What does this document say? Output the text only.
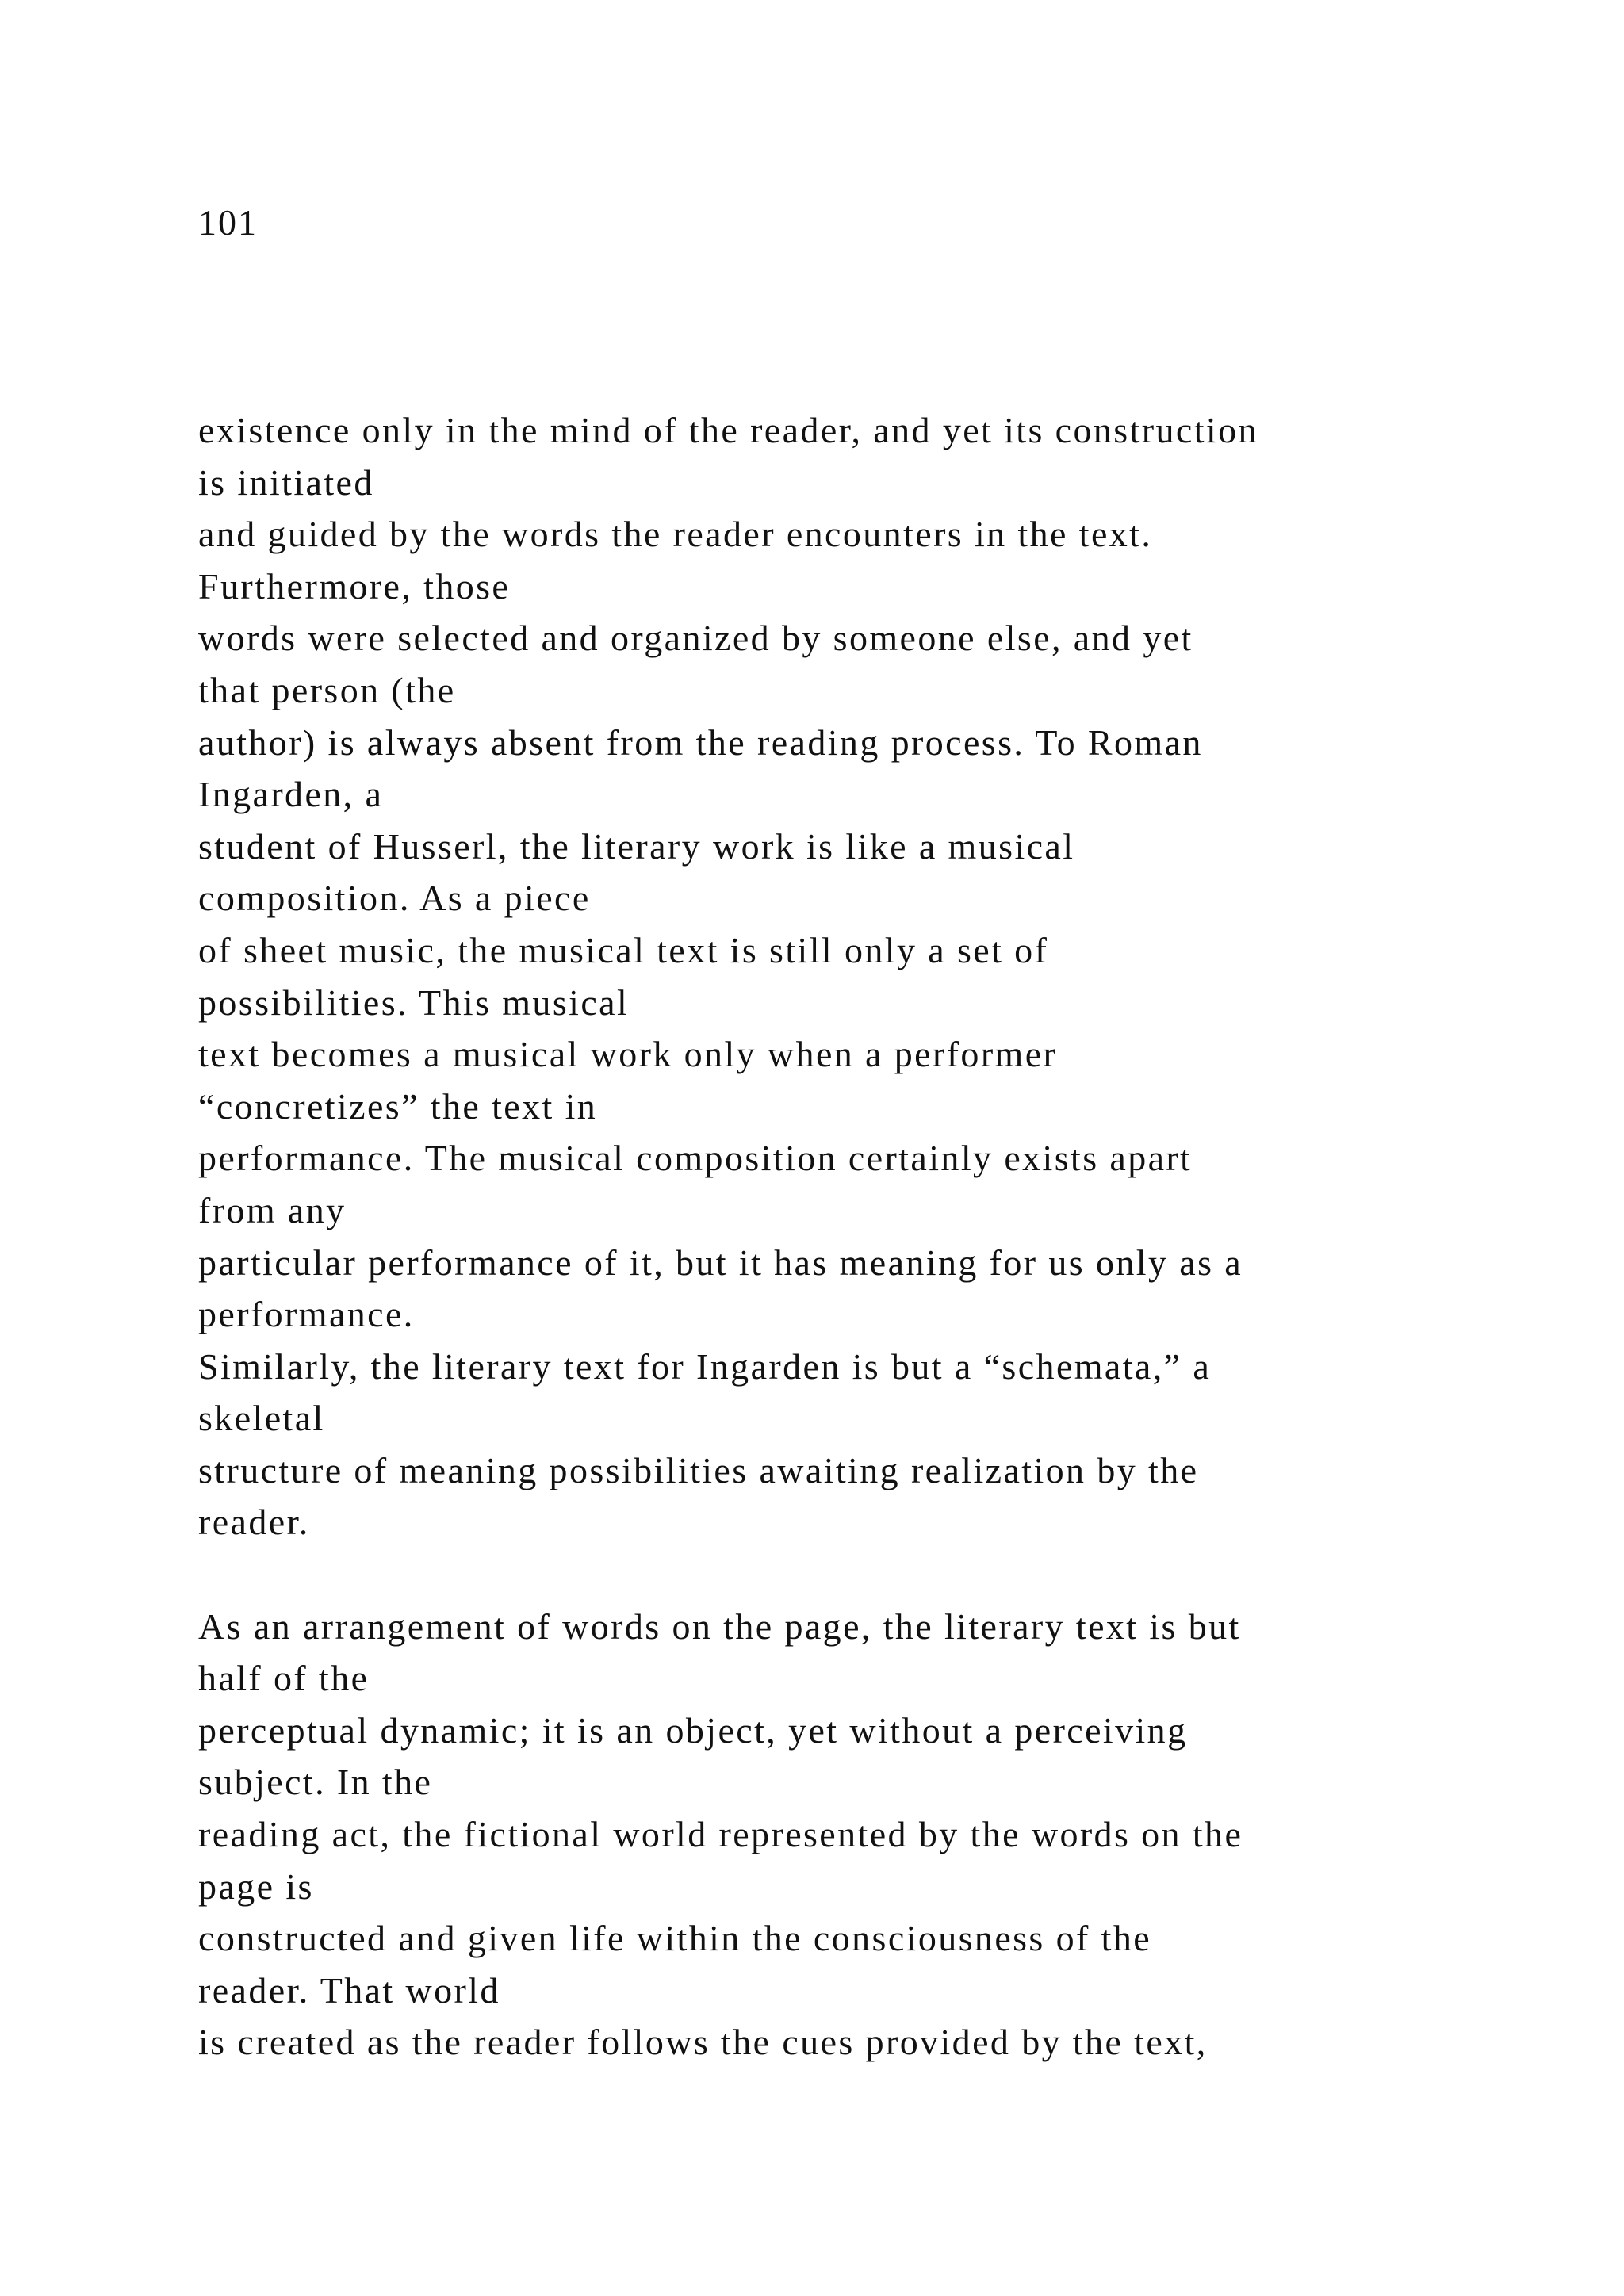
101

existence only in the mind of the reader, and yet its construction
is initiated
and guided by the words the reader encounters in the text.
Furthermore, those
words were selected and organized by someone else, and yet
that person (the
author) is always absent from the reading process. To Roman
Ingarden, a
student of Husserl, the literary work is like a musical
composition. As a piece
of sheet music, the musical text is still only a set of
possibilities. This musical
text becomes a musical work only when a performer
“concretizes” the text in
performance. The musical composition certainly exists apart
from any
particular performance of it, but it has meaning for us only as a
performance.
Similarly, the literary text for Ingarden is but a “schemata,” a
skeletal
structure of meaning possibilities awaiting realization by the
reader.
As an arrangement of words on the page, the literary text is but
half of the
perceptual dynamic; it is an object, yet without a perceiving
subject. In the
reading act, the fictional world represented by the words on the
page is
constructed and given life within the consciousness of the
reader. That world
is created as the reader follows the cues provided by the text,
